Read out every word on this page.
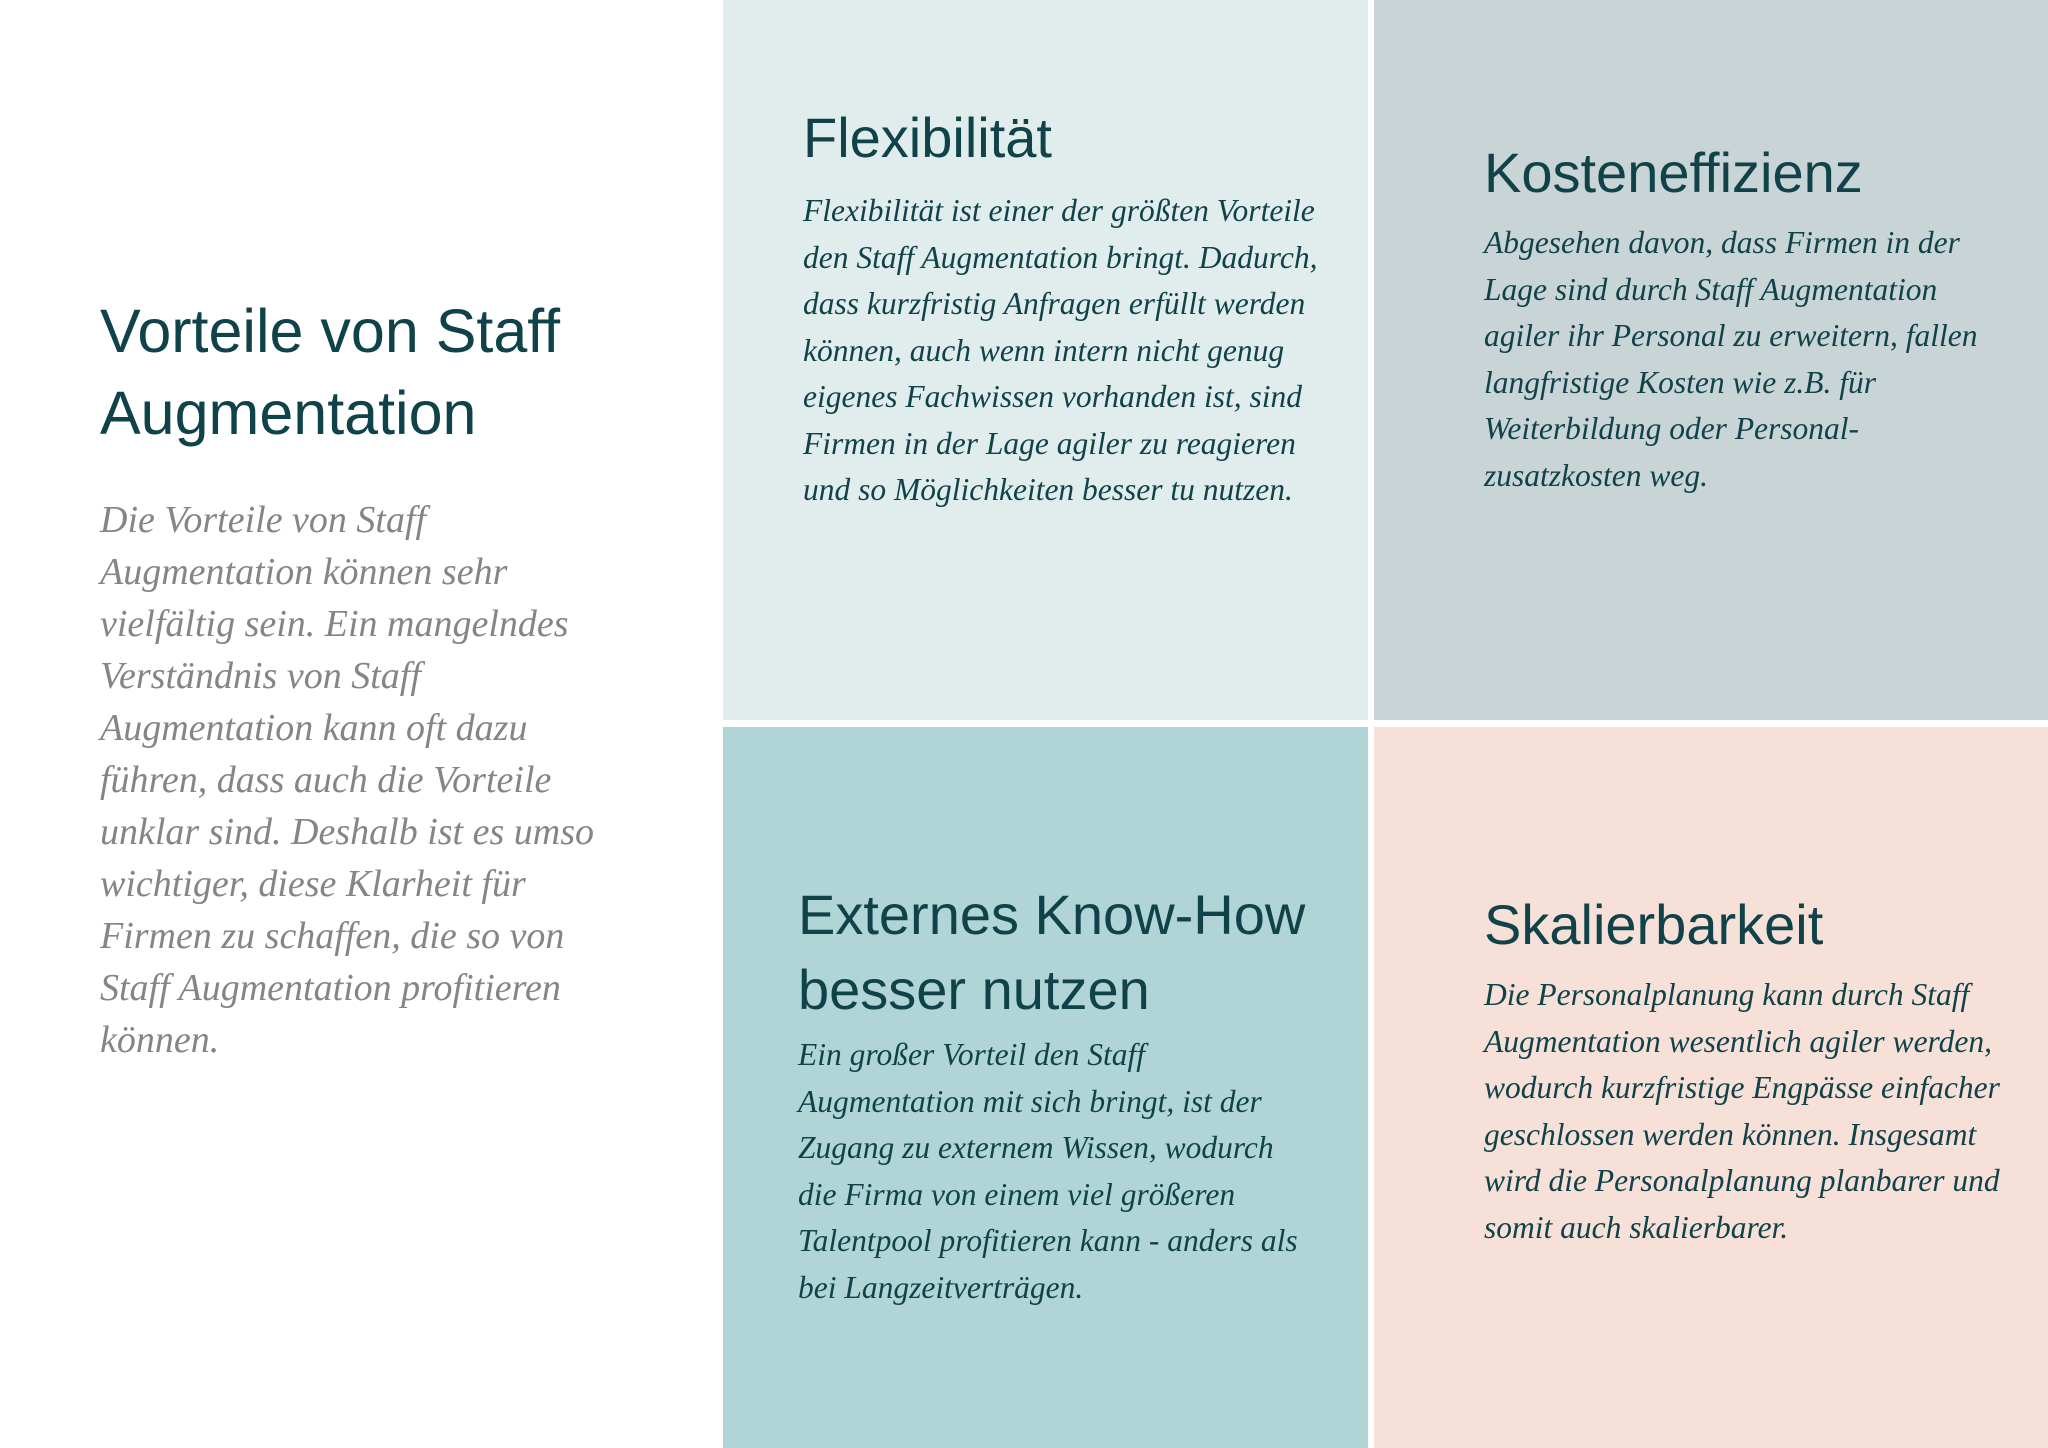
Vorteile von Staff Augmentation

Die Vorteile von Staff Augmentation können sehr vielfältig sein. Ein mangelndes Verständnis von Staff Augmentation kann oft dazu führen, dass auch die Vorteile unklar sind. Deshalb ist es umso wichtiger, diese Klarheit für Firmen zu schaffen, die so von Staff Augmentation profitieren können.

Flexibilität

Flexibilität ist einer der größten Vorteile den Staff Augmentation bringt. Dadurch, dass kurzfristig Anfragen erfüllt werden können, auch wenn intern nicht genug eigenes Fachwissen vorhanden ist, sind Firmen in der Lage agiler zu reagieren und so Möglichkeiten besser tu nutzen.

Kosteneffizienz

Abgesehen davon, dass Firmen in der Lage sind durch Staff Augmentation agiler ihr Personal zu erweitern, fallen langfristige Kosten wie z.B. für Weiterbildung oder Personal-zusatzkosten weg.

Externes Know-How besser nutzen

Ein großer Vorteil den Staff Augmentation mit sich bringt, ist der Zugang zu externem Wissen, wodurch die Firma von einem viel größeren Talentpool profitieren kann - anders als bei Langzeitverträgen.

Skalierbarkeit

Die Personalplanung kann durch Staff Augmentation wesentlich agiler werden, wodurch kurzfristige Engpässe einfacher geschlossen werden können. Insgesamt wird die Personalplanung planbarer und somit auch skalierbarer.
